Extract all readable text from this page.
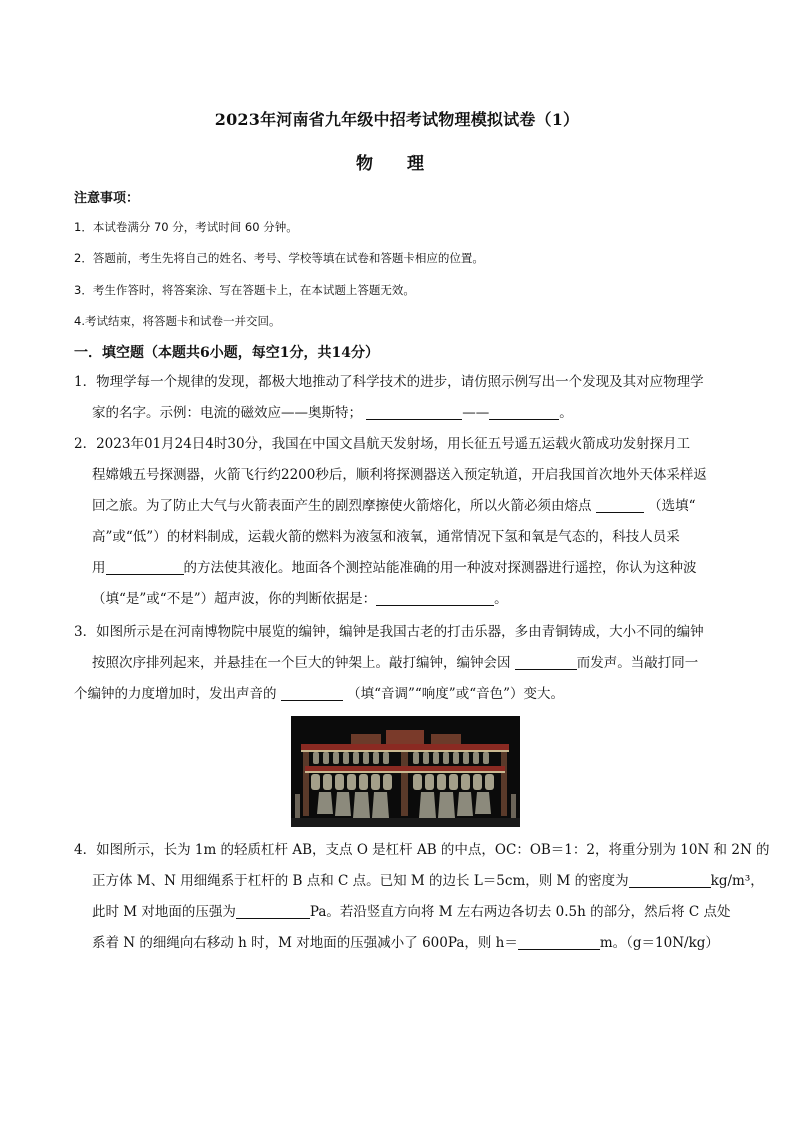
2023年河南省九年级中招考试物理模拟试卷（1）
物 理
注意事项：
1．本试卷满分 70 分，考试时间 60 分钟。
2．答题前，考生先将自己的姓名、考号、学校等填在试卷和答题卡相应的位置。
3．考生作答时，将答案涂、写在答题卡上，在本试题上答题无效。
4.考试结束，将答题卡和试卷一并交回。
一．填空题（本题共6小题，每空1分，共14分）
1．物理学每一个规律的发现，都极大地推动了科学技术的进步，请仿照示例写出一个发现及其对应物理学
家的名字。示例：电流的磁效应——奥斯特；	——	。
2．2023年01月24日4时30分，我国在中国文昌航天发射场，用长征五号遥五运载火箭成功发射探月工
程嫦娥五号探测器，火箭飞行约2200秒后，顺利将探测器送入预定轨道，开启我国首次地外天体采样返
回之旅。为了防止大气与火箭表面产生的剧烈摩擦使火箭熔化，所以火箭必须由熔点	（选填“
高”或“低”）的材料制成，运载火箭的燃料为液氢和液氧，通常情况下氢和氧是气态的，科技人员采
用	的方法使其液化。地面各个测控站能准确的用一种波对探测器进行遥控，你认为这种波
（填“是”或“不是”）超声波，你的判断依据是：	。
3．如图所示是在河南博物院中展览的编钟，编钟是我国古老的打击乐器，多由青铜铸成，大小不同的编钟
按照次序排列起来，并悬挂在一个巨大的钟架上。敲打编钟，编钟会因	而发声。当敲打同一
个编钟的力度增加时，发出声音的	（填“音调”“响度”或“音色”）变大。
4．如图所示，长为 1m 的轻质杠杆 AB，支点 O 是杠杆 AB 的中点，OC：OB＝1：2，将重分别为 10N 和 2N 的
正方体 M、N 用细绳系于杠杆的 B 点和 C 点。已知 M 的边长 L＝5cm，则 M 的密度为	kg/m³，
此时 M 对地面的压强为	Pa。若沿竖直方向将 M 左右两边各切去 0.5h 的部分，然后将 C 点处
系着 N 的细绳向右移动 h 时，M 对地面的压强减小了 600Pa，则 h＝	m。（g＝10N/kg）
